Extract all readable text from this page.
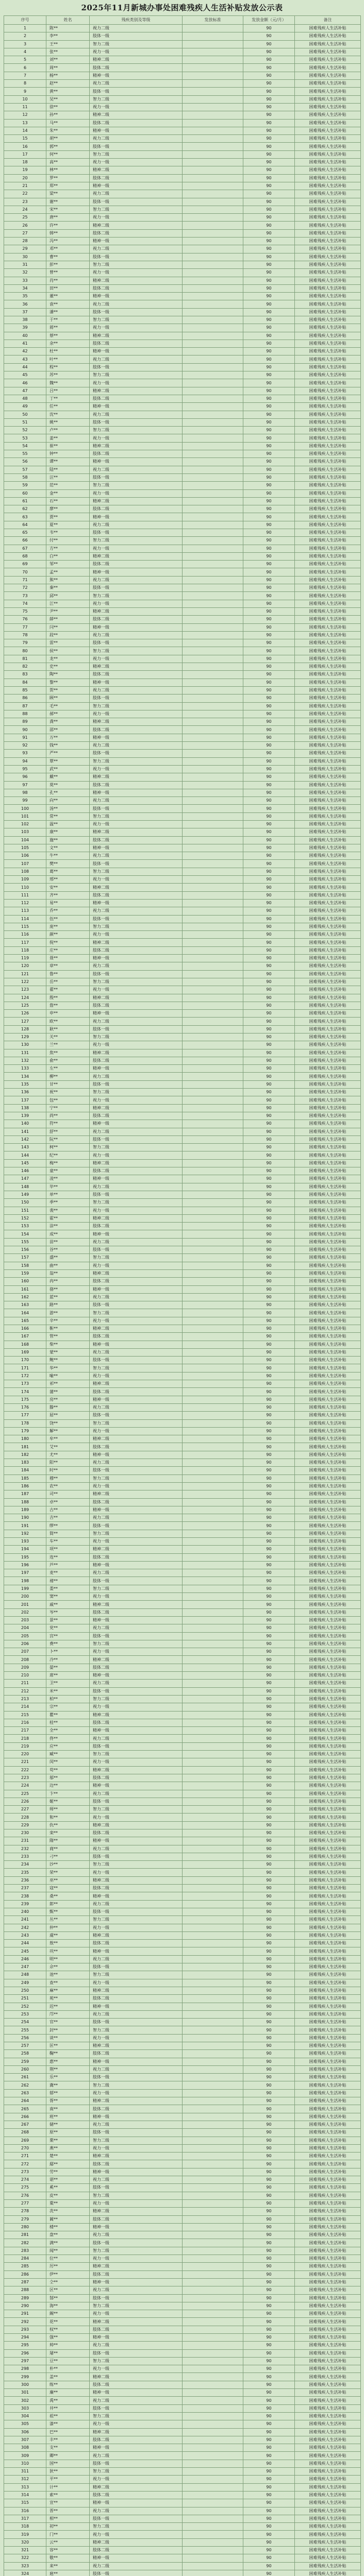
2025年11月新城办事处困难残疾人生活补贴发放公示表
序号	姓名	残疾类别及等级	发放标准	发放金额（元/月）	备注
1	陈**	视力二级		90	困难残疾人生活补贴
2	李**	肢体一级		90	困难残疾人生活补贴
3	王**	智力二级		90	困难残疾人生活补贴
4	张**	视力一级		90	困难残疾人生活补贴
5	刘**	精神二级		90	困难残疾人生活补贴
6	周**	肢体二级		90	困难残疾人生活补贴
7	杨**	精神一级		90	困难残疾人生活补贴
8	赵**	视力二级		90	困难残疾人生活补贴
9	黄**	肢体一级		90	困难残疾人生活补贴
10	吴**	智力二级		90	困难残疾人生活补贴
11	徐**	视力一级		90	困难残疾人生活补贴
12	孙**	精神二级		90	困难残疾人生活补贴
13	马**	肢体二级		90	困难残疾人生活补贴
14	朱**	精神一级		90	困难残疾人生活补贴
15	胡**	视力二级		90	困难残疾人生活补贴
16	郭**	肢体一级		90	困难残疾人生活补贴
17	何**	智力二级		90	困难残疾人生活补贴
18	高**	视力一级		90	困难残疾人生活补贴
19	林**	精神二级		90	困难残疾人生活补贴
20	罗**	肢体二级		90	困难残疾人生活补贴
21	郑**	精神一级		90	困难残疾人生活补贴
22	梁**	视力二级		90	困难残疾人生活补贴
23	谢**	肢体一级		90	困难残疾人生活补贴
24	宋**	智力二级		90	困难残疾人生活补贴
25	唐**	视力一级		90	困难残疾人生活补贴
26	许**	精神二级		90	困难残疾人生活补贴
27	韩**	肢体二级		90	困难残疾人生活补贴
28	冯**	精神一级		90	困难残疾人生活补贴
29	邓**	视力二级		90	困难残疾人生活补贴
30	曹**	肢体一级		90	困难残疾人生活补贴
31	彭**	智力二级		90	困难残疾人生活补贴
32	曾**	视力一级		90	困难残疾人生活补贴
33	肖**	精神二级		90	困难残疾人生活补贴
34	田**	肢体二级		90	困难残疾人生活补贴
35	董**	精神一级		90	困难残疾人生活补贴
36	袁**	视力二级		90	困难残疾人生活补贴
37	潘**	肢体一级		90	困难残疾人生活补贴
38	于**	智力二级		90	困难残疾人生活补贴
39	蒋**	视力一级		90	困难残疾人生活补贴
40	蔡**	精神二级		90	困难残疾人生活补贴
41	余**	肢体二级		90	困难残疾人生活补贴
42	杜**	精神一级		90	困难残疾人生活补贴
43	叶**	视力二级		90	困难残疾人生活补贴
44	程**	肢体一级		90	困难残疾人生活补贴
45	苏**	智力二级		90	困难残疾人生活补贴
46	魏**	视力一级		90	困难残疾人生活补贴
47	吕**	精神二级		90	困难残疾人生活补贴
48	丁**	肢体二级		90	困难残疾人生活补贴
49	任**	精神一级		90	困难残疾人生活补贴
50	沈**	视力二级		90	困难残疾人生活补贴
51	姚**	肢体一级		90	困难残疾人生活补贴
52	卢**	智力二级		90	困难残疾人生活补贴
53	姜**	视力一级		90	困难残疾人生活补贴
54	崔**	精神二级		90	困难残疾人生活补贴
55	钟**	肢体二级		90	困难残疾人生活补贴
56	谭**	精神一级		90	困难残疾人生活补贴
57	陆**	视力二级		90	困难残疾人生活补贴
58	汪**	肢体一级		90	困难残疾人生活补贴
59	范**	智力二级		90	困难残疾人生活补贴
60	金**	视力一级		90	困难残疾人生活补贴
61	石**	精神二级		90	困难残疾人生活补贴
62	廖**	肢体二级		90	困难残疾人生活补贴
63	贾**	精神一级		90	困难残疾人生活补贴
64	夏**	视力二级		90	困难残疾人生活补贴
65	韦**	肢体一级		90	困难残疾人生活补贴
66	付**	智力二级		90	困难残疾人生活补贴
67	方**	视力一级		90	困难残疾人生活补贴
68	白**	精神二级		90	困难残疾人生活补贴
69	邹**	肢体二级		90	困难残疾人生活补贴
70	孟**	精神一级		90	困难残疾人生活补贴
71	熊**	视力二级		90	困难残疾人生活补贴
72	秦**	肢体一级		90	困难残疾人生活补贴
73	邱**	智力二级		90	困难残疾人生活补贴
74	江**	视力一级		90	困难残疾人生活补贴
75	尹**	精神二级		90	困难残疾人生活补贴
76	薛**	肢体二级		90	困难残疾人生活补贴
77	闫**	精神一级		90	困难残疾人生活补贴
78	段**	视力二级		90	困难残疾人生活补贴
79	雷**	肢体一级		90	困难残疾人生活补贴
80	侯**	智力二级		90	困难残疾人生活补贴
81	龙**	视力一级		90	困难残疾人生活补贴
82	史**	精神二级		90	困难残疾人生活补贴
83	陶**	肢体二级		90	困难残疾人生活补贴
84	黎**	精神一级		90	困难残疾人生活补贴
85	贺**	视力二级		90	困难残疾人生活补贴
86	顾**	肢体一级		90	困难残疾人生活补贴
87	毛**	智力二级		90	困难残疾人生活补贴
88	郝**	视力一级		90	困难残疾人生活补贴
89	龚**	精神二级		90	困难残疾人生活补贴
90	邵**	肢体二级		90	困难残疾人生活补贴
91	万**	精神一级		90	困难残疾人生活补贴
92	钱**	视力二级		90	困难残疾人生活补贴
93	严**	肢体一级		90	困难残疾人生活补贴
94	覃**	智力二级		90	困难残疾人生活补贴
95	武**	视力一级		90	困难残疾人生活补贴
96	戴**	精神二级		90	困难残疾人生活补贴
97	莫**	肢体二级		90	困难残疾人生活补贴
98	孔**	精神一级		90	困难残疾人生活补贴
99	向**	视力二级		90	困难残疾人生活补贴
100	汤**	肢体一级		90	困难残疾人生活补贴
101	常**	智力二级		90	困难残疾人生活补贴
102	温**	视力一级		90	困难残疾人生活补贴
103	康**	精神二级		90	困难残疾人生活补贴
104	施**	肢体二级		90	困难残疾人生活补贴
105	文**	精神一级		90	困难残疾人生活补贴
106	牛**	视力二级		90	困难残疾人生活补贴
107	樊**	肢体一级		90	困难残疾人生活补贴
108	葛**	智力二级		90	困难残疾人生活补贴
109	邢**	视力一级		90	困难残疾人生活补贴
110	安**	精神二级		90	困难残疾人生活补贴
111	齐**	肢体二级		90	困难残疾人生活补贴
112	易**	精神一级		90	困难残疾人生活补贴
113	乔**	视力二级		90	困难残疾人生活补贴
114	伍**	肢体一级		90	困难残疾人生活补贴
115	庞**	智力二级		90	困难残疾人生活补贴
116	颜**	视力一级		90	困难残疾人生活补贴
117	倪**	精神二级		90	困难残疾人生活补贴
118	庄**	肢体二级		90	困难残疾人生活补贴
119	聂**	精神一级		90	困难残疾人生活补贴
120	章**	视力二级		90	困难残疾人生活补贴
121	鲁**	肢体一级		90	困难残疾人生活补贴
122	岳**	智力二级		90	困难残疾人生活补贴
123	翟**	视力一级		90	困难残疾人生活补贴
124	殷**	精神二级		90	困难残疾人生活补贴
125	詹**	肢体二级		90	困难残疾人生活补贴
126	申**	精神一级		90	困难残疾人生活补贴
127	欧**	视力二级		90	困难残疾人生活补贴
128	耿**	肢体一级		90	困难残疾人生活补贴
129	关**	智力二级		90	困难残疾人生活补贴
130	兰**	视力一级		90	困难残疾人生活补贴
131	焦**	精神二级		90	困难残疾人生活补贴
132	俞**	肢体二级		90	困难残疾人生活补贴
133	左**	精神一级		90	困难残疾人生活补贴
134	柳**	视力二级		90	困难残疾人生活补贴
135	甘**	肢体一级		90	困难残疾人生活补贴
136	祝**	智力二级		90	困难残疾人生活补贴
137	包**	视力一级		90	困难残疾人生活补贴
138	宁**	精神二级		90	困难残疾人生活补贴
139	尚**	肢体二级		90	困难残疾人生活补贴
140	符**	精神一级		90	困难残疾人生活补贴
141	舒**	视力二级		90	困难残疾人生活补贴
142	阮**	肢体一级		90	困难残疾人生活补贴
143	柯**	智力二级		90	困难残疾人生活补贴
144	纪**	视力一级		90	困难残疾人生活补贴
145	梅**	精神二级		90	困难残疾人生活补贴
146	童**	肢体二级		90	困难残疾人生活补贴
147	凌**	精神一级		90	困难残疾人生活补贴
148	毕**	视力二级		90	困难残疾人生活补贴
149	单**	肢体一级		90	困难残疾人生活补贴
150	季**	智力二级		90	困难残疾人生活补贴
151	裴**	视力一级		90	困难残疾人生活补贴
152	霍**	精神二级		90	困难残疾人生活补贴
153	涂**	肢体二级		90	困难残疾人生活补贴
154	成**	精神一级		90	困难残疾人生活补贴
155	苗**	视力二级		90	困难残疾人生活补贴
156	谷**	肢体一级		90	困难残疾人生活补贴
157	盛**	智力二级		90	困难残疾人生活补贴
158	曲**	视力一级		90	困难残疾人生活补贴
159	翁**	精神二级		90	困难残疾人生活补贴
160	冉**	肢体二级		90	困难残疾人生活补贴
161	骆**	精神一级		90	困难残疾人生活补贴
162	蓝**	视力二级		90	困难残疾人生活补贴
163	路**	肢体一级		90	困难残疾人生活补贴
164	游**	智力二级		90	困难残疾人生活补贴
165	辛**	视力一级		90	困难残疾人生活补贴
166	靳**	精神二级		90	困难残疾人生活补贴
167	管**	肢体二级		90	困难残疾人生活补贴
168	柴**	精神一级		90	困难残疾人生活补贴
169	蒙**	视力二级		90	困难残疾人生活补贴
170	鲍**	肢体一级		90	困难残疾人生活补贴
171	华**	智力二级		90	困难残疾人生活补贴
172	喻**	视力一级		90	困难残疾人生活补贴
173	祁**	精神二级		90	困难残疾人生活补贴
174	蒲**	肢体二级		90	困难残疾人生活补贴
175	房**	精神一级		90	困难残疾人生活补贴
176	滕**	视力二级		90	困难残疾人生活补贴
177	屈**	肢体一级		90	困难残疾人生活补贴
178	饶**	智力二级		90	困难残疾人生活补贴
179	解**	视力一级		90	困难残疾人生活补贴
180	牟**	精神二级		90	困难残疾人生活补贴
181	艾**	肢体二级		90	困难残疾人生活补贴
182	尤**	精神一级		90	困难残疾人生活补贴
183	阳**	视力二级		90	困难残疾人生活补贴
184	时**	肢体一级		90	困难残疾人生活补贴
185	穆**	智力二级		90	困难残疾人生活补贴
186	农**	视力一级		90	困难残疾人生活补贴
187	司**	精神二级		90	困难残疾人生活补贴
188	卓**	肢体二级		90	困难残疾人生活补贴
189	古**	精神一级		90	困难残疾人生活补贴
190	吉**	视力二级		90	困难残疾人生活补贴
191	缪**	肢体一级		90	困难残疾人生活补贴
192	简**	智力二级		90	困难残疾人生活补贴
193	车**	视力一级		90	困难残疾人生活补贴
194	项**	精神二级		90	困难残疾人生活补贴
195	连**	肢体二级		90	困难残疾人生活补贴
196	芦**	精神一级		90	困难残疾人生活补贴
197	麦**	视力二级		90	困难残疾人生活补贴
198	褚**	肢体一级		90	困难残疾人生活补贴
199	娄**	智力二级		90	困难残疾人生活补贴
200	窦**	视力一级		90	困难残疾人生活补贴
201	戚**	精神二级		90	困难残疾人生活补贴
202	岑**	肢体二级		90	困难残疾人生活补贴
203	景**	精神一级		90	困难残疾人生活补贴
204	党**	视力二级		90	困难残疾人生活补贴
205	宫**	肢体一级		90	困难残疾人生活补贴
206	费**	智力二级		90	困难残疾人生活补贴
207	卜**	视力一级		90	困难残疾人生活补贴
208	冷**	精神二级		90	困难残疾人生活补贴
209	晏**	肢体二级		90	困难残疾人生活补贴
210	席**	精神一级		90	困难残疾人生活补贴
211	卫**	视力二级		90	困难残疾人生活补贴
212	米**	肢体一级		90	困难残疾人生活补贴
213	柏**	智力二级		90	困难残疾人生活补贴
214	宗**	视力一级		90	困难残疾人生活补贴
215	瞿**	精神二级		90	困难残疾人生活补贴
216	桂**	肢体二级		90	困难残疾人生活补贴
217	全**	精神一级		90	困难残疾人生活补贴
218	佟**	视力二级		90	困难残疾人生活补贴
219	应**	肢体一级		90	困难残疾人生活补贴
220	臧**	智力二级		90	困难残疾人生活补贴
221	闵**	视力一级		90	困难残疾人生活补贴
222	苟**	精神二级		90	困难残疾人生活补贴
223	邬**	肢体二级		90	困难残疾人生活补贴
224	边**	精神一级		90	困难残疾人生活补贴
225	卞**	视力二级		90	困难残疾人生活补贴
226	姬**	肢体一级		90	困难残疾人生活补贴
227	师**	智力二级		90	困难残疾人生活补贴
228	和**	视力一级		90	困难残疾人生活补贴
229	仇**	精神二级		90	困难残疾人生活补贴
230	栾**	肢体二级		90	困难残疾人生活补贴
231	隋**	精神一级		90	困难残疾人生活补贴
232	商**	视力二级		90	困难残疾人生活补贴
233	刁**	肢体一级		90	困难残疾人生活补贴
234	沙**	智力二级		90	困难残疾人生活补贴
235	荣**	视力一级		90	困难残疾人生活补贴
236	巫**	精神二级		90	困难残疾人生活补贴
237	寇**	肢体二级		90	困难残疾人生活补贴
238	桑**	精神一级		90	困难残疾人生活补贴
239	郎**	视力二级		90	困难残疾人生活补贴
240	甄**	肢体一级		90	困难残疾人生活补贴
241	丛**	智力二级		90	困难残疾人生活补贴
242	仲**	视力一级		90	困难残疾人生活补贴
243	虞**	精神二级		90	困难残疾人生活补贴
244	敖**	肢体二级		90	困难残疾人生活补贴
245	巩**	精神一级		90	困难残疾人生活补贴
246	明**	视力二级		90	困难残疾人生活补贴
247	佘**	肢体一级		90	困难残疾人生活补贴
248	池**	智力二级		90	困难残疾人生活补贴
249	查**	视力一级		90	困难残疾人生活补贴
250	麻**	精神二级		90	困难残疾人生活补贴
251	苑**	肢体二级		90	困难残疾人生活补贴
252	迟**	精神一级		90	困难残疾人生活补贴
253	邝**	视力二级		90	困难残疾人生活补贴
254	官**	肢体一级		90	困难残疾人生活补贴
255	封**	智力二级		90	困难残疾人生活补贴
256	谈**	视力一级		90	困难残疾人生活补贴
257	匡**	精神二级		90	困难残疾人生活补贴
258	鞠**	肢体二级		90	困难残疾人生活补贴
259	惠**	精神一级		90	困难残疾人生活补贴
260	荆**	视力二级		90	困难残疾人生活补贴
261	乐**	肢体一级		90	困难残疾人生活补贴
262	冀**	智力二级		90	困难残疾人生活补贴
263	郁**	视力一级		90	困难残疾人生活补贴
264	胥**	精神二级		90	困难残疾人生活补贴
265	南**	肢体二级		90	困难残疾人生活补贴
266	班**	精神一级		90	困难残疾人生活补贴
267	储**	视力二级		90	困难残疾人生活补贴
268	原**	肢体一级		90	困难残疾人生活补贴
269	栗**	智力二级		90	困难残疾人生活补贴
270	燕**	视力一级		90	困难残疾人生活补贴
271	楚**	精神二级		90	困难残疾人生活补贴
272	鄢**	肢体二级		90	困难残疾人生活补贴
273	劳**	精神一级		90	困难残疾人生活补贴
274	谌**	视力二级		90	困难残疾人生活补贴
275	奚**	肢体一级		90	困难残疾人生活补贴
276	皮**	智力二级		90	困难残疾人生活补贴
277	粟**	视力一级		90	困难残疾人生活补贴
278	冼**	精神二级		90	困难残疾人生活补贴
279	蔺**	肢体二级		90	困难残疾人生活补贴
280	楼**	精神一级		90	困难残疾人生活补贴
281	盘**	视力二级		90	困难残疾人生活补贴
282	满**	肢体一级		90	困难残疾人生活补贴
283	闻**	智力二级		90	困难残疾人生活补贴
284	位**	视力一级		90	困难残疾人生活补贴
285	厉**	精神二级		90	困难残疾人生活补贴
286	伊**	肢体二级		90	困难残疾人生活补贴
287	仝**	精神一级		90	困难残疾人生活补贴
288	区**	视力二级		90	困难残疾人生活补贴
289	郜**	肢体一级		90	困难残疾人生活补贴
290	海**	智力二级		90	困难残疾人生活补贴
291	阚**	视力一级		90	困难残疾人生活补贴
292	花**	精神二级		90	困难残疾人生活补贴
293	权**	肢体二级		90	困难残疾人生活补贴
294	强**	精神一级		90	困难残疾人生活补贴
295	帅**	视力二级		90	困难残疾人生活补贴
296	屠**	肢体一级		90	困难残疾人生活补贴
297	豆**	智力二级		90	困难残疾人生活补贴
298	朴**	视力一级		90	困难残疾人生活补贴
299	盖**	精神二级		90	困难残疾人生活补贴
300	练**	肢体二级		90	困难残疾人生活补贴
301	廉**	精神一级		90	困难残疾人生活补贴
302	禹**	视力二级		90	困难残疾人生活补贴
303	井**	肢体一级		90	困难残疾人生活补贴
304	祖**	智力二级		90	困难残疾人生活补贴
305	漆**	视力一级		90	困难残疾人生活补贴
306	巴**	精神二级		90	困难残疾人生活补贴
307	丰**	肢体二级		90	困难残疾人生活补贴
308	支**	精神一级		90	困难残疾人生活补贴
309	卿**	视力二级		90	困难残疾人生活补贴
310	国**	肢体一级		90	困难残疾人生活补贴
311	狄**	智力二级		90	困难残疾人生活补贴
312	平**	视力一级		90	困难残疾人生活补贴
313	计**	精神二级		90	困难残疾人生活补贴
314	索**	肢体二级		90	困难残疾人生活补贴
315	宣**	精神一级		90	困难残疾人生活补贴
316	晋**	视力二级		90	困难残疾人生活补贴
317	相**	肢体一级		90	困难残疾人生活补贴
318	初**	智力二级		90	困难残疾人生活补贴
319	门**	视力一级		90	困难残疾人生活补贴
320	云**	精神二级		90	困难残疾人生活补贴
321	容**	肢体二级		90	困难残疾人生活补贴
322	敬**	精神一级		90	困难残疾人生活补贴
323	来**	视力二级		90	困难残疾人生活补贴
324	扈**	肢体一级		90	困难残疾人生活补贴
